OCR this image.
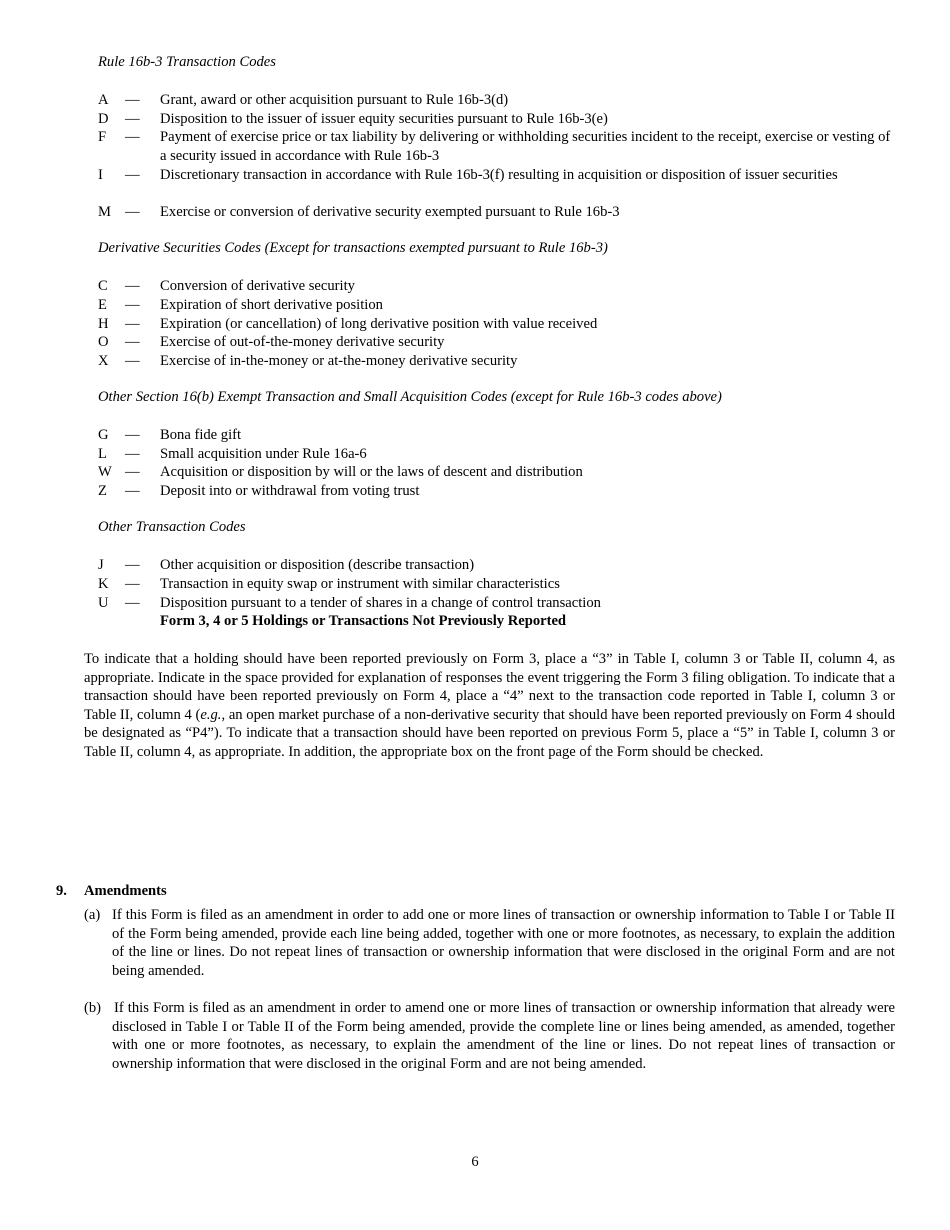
Rule 16b-3 Transaction Codes
A — Grant, award or other acquisition pursuant to Rule 16b-3(d)
D — Disposition to the issuer of issuer equity securities pursuant to Rule 16b-3(e)
F — Payment of exercise price or tax liability by delivering or withholding securities incident to the receipt, exercise or vesting of a security issued in accordance with Rule 16b-3
I — Discretionary transaction in accordance with Rule 16b-3(f) resulting in acquisition or disposition of issuer securities
M — Exercise or conversion of derivative security exempted pursuant to Rule 16b-3
Derivative Securities Codes (Except for transactions exempted pursuant to Rule 16b-3)
C — Conversion of derivative security
E — Expiration of short derivative position
H — Expiration (or cancellation) of long derivative position with value received
O — Exercise of out-of-the-money derivative security
X — Exercise of in-the-money or at-the-money derivative security
Other Section 16(b) Exempt Transaction and Small Acquisition Codes (except for Rule 16b-3 codes above)
G — Bona fide gift
L — Small acquisition under Rule 16a-6
W — Acquisition or disposition by will or the laws of descent and distribution
Z — Deposit into or withdrawal from voting trust
Other Transaction Codes
J — Other acquisition or disposition (describe transaction)
K — Transaction in equity swap or instrument with similar characteristics
U — Disposition pursuant to a tender of shares in a change of control transaction
Form 3, 4 or 5 Holdings or Transactions Not Previously Reported
To indicate that a holding should have been reported previously on Form 3, place a “3” in Table I, column 3 or Table II, column 4, as appropriate. Indicate in the space provided for explanation of responses the event triggering the Form 3 filing obligation. To indicate that a transaction should have been reported previously on Form 4, place a “4” next to the transaction code reported in Table I, column 3 or Table II, column 4 (e.g., an open market purchase of a non-derivative security that should have been reported previously on Form 4 should be designated as “P4”). To indicate that a transaction should have been reported on previous Form 5, place a “5” in Table I, column 3 or Table II, column 4, as appropriate. In addition, the appropriate box on the front page of the Form should be checked.
9. Amendments
(a) If this Form is filed as an amendment in order to add one or more lines of transaction or ownership information to Table I or Table II of the Form being amended, provide each line being added, together with one or more footnotes, as necessary, to explain the addition of the line or lines. Do not repeat lines of transaction or ownership information that were disclosed in the original Form and are not being amended.
(b) If this Form is filed as an amendment in order to amend one or more lines of transaction or ownership information that already were disclosed in Table I or Table II of the Form being amended, provide the complete line or lines being amended, as amended, together with one or more footnotes, as necessary, to explain the amendment of the line or lines. Do not repeat lines of transaction or ownership information that were disclosed in the original Form and are not being amended.
6
